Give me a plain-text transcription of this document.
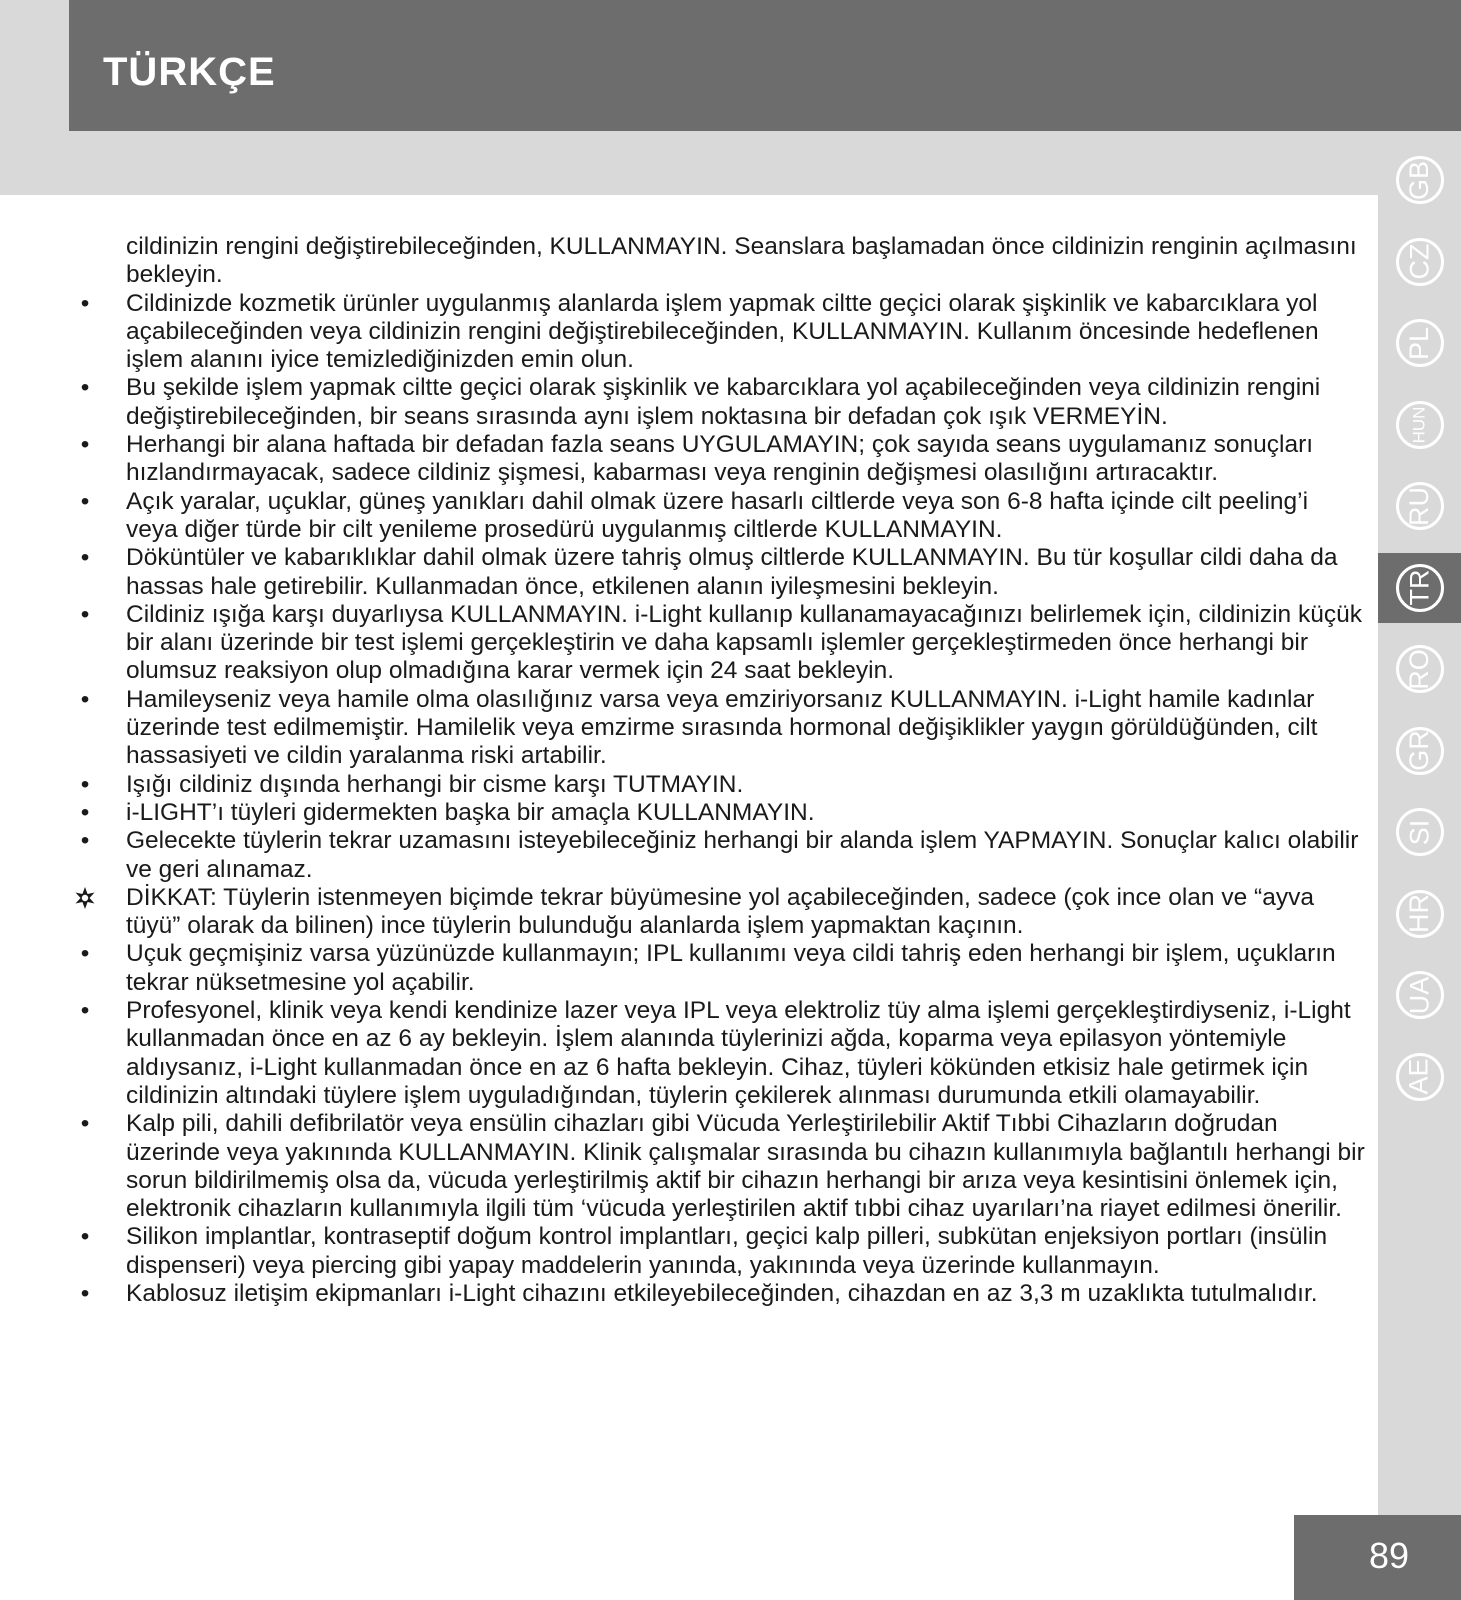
TÜRKÇE
GB
CZ
PL
HUN
RU
TR
RO
GR
SI
HR
UA
AE

cildinizin rengini değiştirebileceğinden, KULLANMAYIN. Seanslara başlamadan önce cildinizin renginin açılmasını bekleyin.

•	Cildinizde kozmetik ürünler uygulanmış alanlarda işlem yapmak ciltte geçici olarak şişkinlik ve kabarcıklara yol açabileceğinden veya cildinizin rengini değiştirebileceğinden, KULLANMAYIN. Kullanım öncesinde hedeflenen işlem alanını iyice temizlediğinizden emin olun.
•	Bu şekilde işlem yapmak ciltte geçici olarak şişkinlik ve kabarcıklara yol açabileceğinden veya cildinizin rengini değiştirebileceğinden, bir seans sırasında aynı işlem noktasına bir defadan çok ışık VERMEYİN.
•	Herhangi bir alana haftada bir defadan fazla seans UYGULAMAYIN; çok sayıda seans uygulamanız sonuçları hızlandırmayacak, sadece cildiniz şişmesi, kabarması veya renginin değişmesi olasılığını artıracaktır.
•	Açık yaralar, uçuklar, güneş yanıkları dahil olmak üzere hasarlı ciltlerde veya son 6-8 hafta içinde cilt peeling’i veya diğer türde bir cilt yenileme prosedürü uygulanmış ciltlerde KULLANMAYIN.
•	Döküntüler ve kabarıklıklar dahil olmak üzere tahriş olmuş ciltlerde KULLANMAYIN. Bu tür koşullar cildi daha da hassas hale getirebilir. Kullanmadan önce, etkilenen alanın iyileşmesini bekleyin.
•	Cildiniz ışığa karşı duyarlıysa KULLANMAYIN. i-Light kullanıp kullanamayacağınızı belirlemek için, cildinizin küçük bir alanı üzerinde bir test işlemi gerçekleştirin ve daha kapsamlı işlemler gerçekleştirmeden önce herhangi bir olumsuz reaksiyon olup olmadığına karar vermek için 24 saat bekleyin.
•	Hamileyseniz veya hamile olma olasılığınız varsa veya emziriyorsanız KULLANMAYIN. i-Light hamile kadınlar üzerinde test edilmemiştir. Hamilelik veya emzirme sırasında hormonal değişiklikler yaygın görüldüğünden, cilt hassasiyeti ve cildin yaralanma riski artabilir.
•	Işığı cildiniz dışında herhangi bir cisme karşı TUTMAYIN.
•	i-LIGHT’ı tüyleri gidermekten başka bir amaçla KULLANMAYIN.
•	Gelecekte tüylerin tekrar uzamasını isteyebileceğiniz herhangi bir alanda işlem YAPMAYIN. Sonuçlar kalıcı olabilir ve geri alınamaz.
DİKKAT: Tüylerin istenmeyen biçimde tekrar büyümesine yol açabileceğinden, sadece (çok ince olan ve “ayva tüyü” olarak da bilinen) ince tüylerin bulunduğu alanlarda işlem yapmaktan kaçının.
•	Uçuk geçmişiniz varsa yüzünüzde kullanmayın; IPL kullanımı veya cildi tahriş eden herhangi bir işlem, uçukların tekrar nüksetmesine yol açabilir.
•	Profesyonel, klinik veya kendi kendinize lazer veya IPL veya elektroliz tüy alma işlemi gerçekleştirdiyseniz, i-Light kullanmadan önce en az 6 ay bekleyin. İşlem alanında tüylerinizi ağda, koparma veya epilasyon yöntemiyle aldıysanız, i-Light kullanmadan önce en az 6 hafta bekleyin. Cihaz, tüyleri kökünden etkisiz hale getirmek için cildinizin altındaki tüylere işlem uyguladığından, tüylerin çekilerek alınması durumunda etkili olamayabilir.
•	Kalp pili, dahili defibrilatör veya ensülin cihazları gibi Vücuda Yerleştirilebilir Aktif Tıbbi Cihazların doğrudan üzerinde veya yakınında KULLANMAYIN. Klinik çalışmalar sırasında bu cihazın kullanımıyla bağlantılı herhangi bir sorun bildirilmemiş olsa da, vücuda yerleştirilmiş aktif bir cihazın herhangi bir arıza veya kesintisini önlemek için, elektronik cihazların kullanımıyla ilgili tüm ‘vücuda yerleştirilen aktif tıbbi cihaz uyarıları’na riayet edilmesi önerilir.
•	Silikon implantlar, kontraseptif doğum kontrol implantları, geçici kalp pilleri, subkütan enjeksiyon portları (insülin dispenseri) veya piercing gibi yapay maddelerin yanında, yakınında veya üzerinde kullanmayın.
•	Kablosuz iletişim ekipmanları i-Light cihazını etkileyebileceğinden, cihazdan en az 3,3 m uzaklıkta tutulmalıdır.
89
